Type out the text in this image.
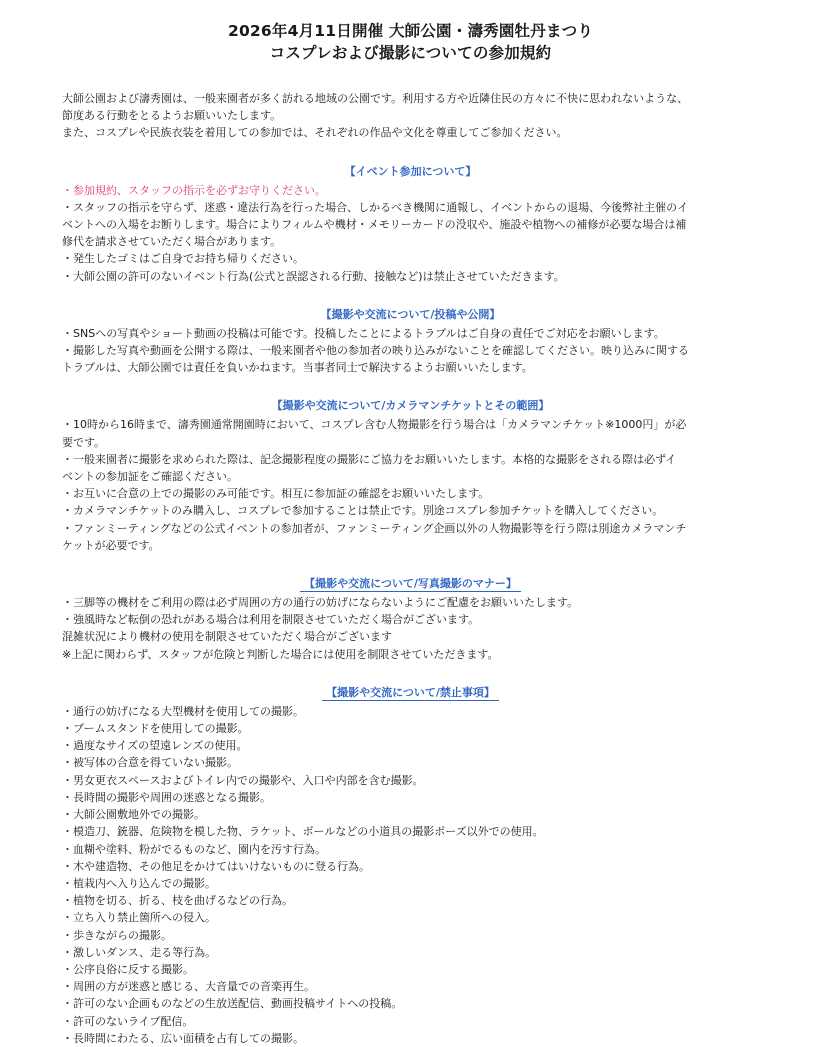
2026年4月11日開催 大師公園・濤秀園牡丹まつり
コスプレおよび撮影についての参加規約

大師公園および濤秀園は、一般来園者が多く訪れる地域の公園です。利用する方や近隣住民の方々に不快に思われないような、

節度ある行動をとるようお願いいたします。

また、コスプレや民族衣装を着用しての参加では、それぞれの作品や文化を尊重してご参加ください。

【イベント参加について】

・参加規約、スタッフの指示を必ずお守りください。

・スタッフの指示を守らず、迷惑・違法行為を行った場合、しかるべき機関に通報し、イベントからの退場、今後弊社主催のイ

ベントへの入場をお断りします。場合によりフィルムや機材・メモリーカードの没収や、施設や植物への補修が必要な場合は補

修代を請求させていただく場合があります。

・発生したゴミはご自身でお持ち帰りください。

・大師公園の許可のないイベント行為(公式と誤認される行動、接触など)は禁止させていただきます。

【撮影や交流について/投稿や公開】

・SNSへの写真やショート動画の投稿は可能です。投稿したことによるトラブルはご自身の責任でご対応をお願いします。

・撮影した写真や動画を公開する際は、一般来園者や他の参加者の映り込みがないことを確認してください。映り込みに関する

トラブルは、大師公園では責任を負いかねます。当事者同士で解決するようお願いいたします。

【撮影や交流について/カメラマンチケットとその範囲】

・10時から16時まで、濤秀園通常開園時において、コスプレ含む人物撮影を行う場合は「カメラマンチケット※1000円」が必

要です。

・一般来園者に撮影を求められた際は、記念撮影程度の撮影にご協力をお願いいたします。本格的な撮影をされる際は必ずイ

ベントの参加証をご確認ください。

・お互いに合意の上での撮影のみ可能です。相互に参加証の確認をお願いいたします。

・カメラマンチケットのみ購入し、コスプレで参加することは禁止です。別途コスプレ参加チケットを購入してください。

・ファンミーティングなどの公式イベントの参加者が、ファンミーティング企画以外の人物撮影等を行う際は別途カメラマンチ

ケットが必要です。

【撮影や交流について/写真撮影のマナー】

・三脚等の機材をご利用の際は必ず周囲の方の通行の妨げにならないようにご配慮をお願いいたします。

・強風時など転倒の恐れがある場合は利用を制限させていただく場合がございます。

混雑状況により機材の使用を制限させていただく場合がございます

※上記に関わらず、スタッフが危険と判断した場合には使用を制限させていただきます。

【撮影や交流について/禁止事項】

・通行の妨げになる大型機材を使用しての撮影。

・ブームスタンドを使用しての撮影。

・過度なサイズの望遠レンズの使用。

・被写体の合意を得ていない撮影。

・男女更衣スペースおよびトイレ内での撮影や、入口や内部を含む撮影。

・長時間の撮影や周囲の迷惑となる撮影。

・大師公園敷地外での撮影。

・模造刀、銃器、危険物を模した物、ラケット、ボールなどの小道具の撮影ポーズ以外での使用。

・血糊や塗料、粉がでるものなど、園内を汚す行為。

・木や建造物、その他足をかけてはいけないものに登る行為。

・植栽内へ入り込んでの撮影。

・植物を切る、折る、枝を曲げるなどの行為。

・立ち入り禁止箇所への侵入。

・歩きながらの撮影。

・激しいダンス、走る等行為。

・公序良俗に反する撮影。

・周囲の方が迷惑と感じる、大音量での音楽再生。

・許可のない企画ものなどの生放送配信、動画投稿サイトへの投稿。

・許可のないライブ配信。

・長時間にわたる、広い面積を占有しての撮影。
